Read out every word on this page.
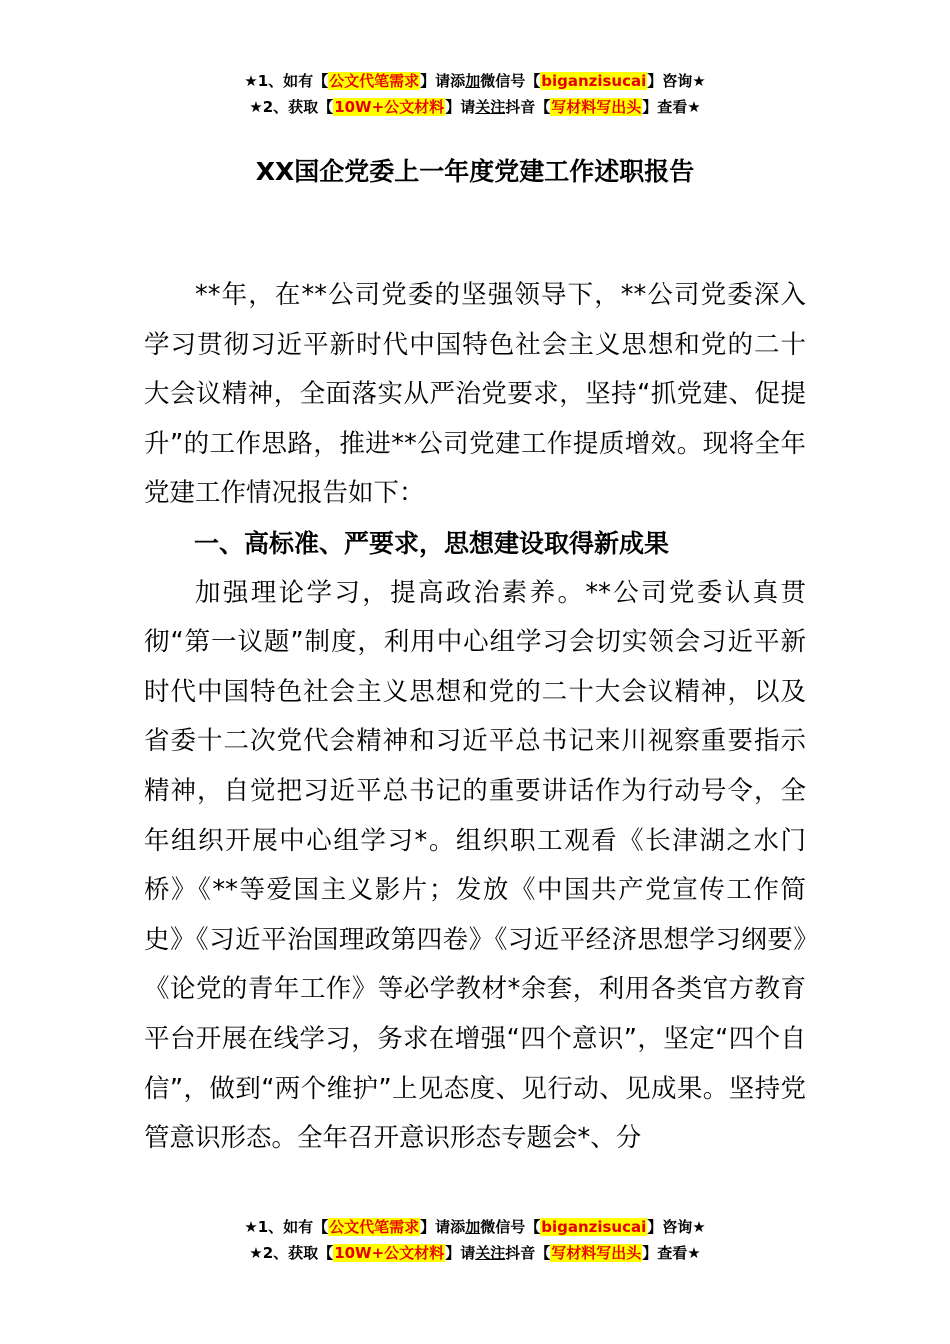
★1、如有【公文代笔需求】请添加微信号【biganzisucai】咨询★
★2、获取【10W+公文材料】请关注抖音【写材料写出头】查看★
XX国企党委上一年度党建工作述职报告

**年，在**公司党委的坚强领导下，**公司党委深入学习贯彻习近平新时代中国特色社会主义思想和党的二十大会议精神，全面落实从严治党要求，坚持“抓党建、促提升”的工作思路，推进**公司党建工作提质增效。现将全年党建工作情况报告如下：

一、高标准、严要求，思想建设取得新成果

加强理论学习，提高政治素养。**公司党委认真贯彻“第一议题”制度，利用中心组学习会切实领会习近平新时代中国特色社会主义思想和党的二十大会议精神，以及省委十二次党代会精神和习近平总书记来川视察重要指示精神，自觉把习近平总书记的重要讲话作为行动号令，全年组织开展中心组学习*。组织职工观看《长津湖之水门桥》《**等爱国主义影片；发放《中国共产党宣传工作简史》《习近平治国理政第四卷》《习近平经济思想学习纲要》《论党的青年工作》等必学教材*余套，利用各类官方教育平台开展在线学习，务求在增强“四个意识”，坚定“四个自信”，做到“两个维护”上见态度、见行动、见成果。坚持党管意识形态。全年召开意识形态专题会*、分

★1、如有【公文代笔需求】请添加微信号【biganzisucai】咨询★
★2、获取【10W+公文材料】请关注抖音【写材料写出头】查看★
